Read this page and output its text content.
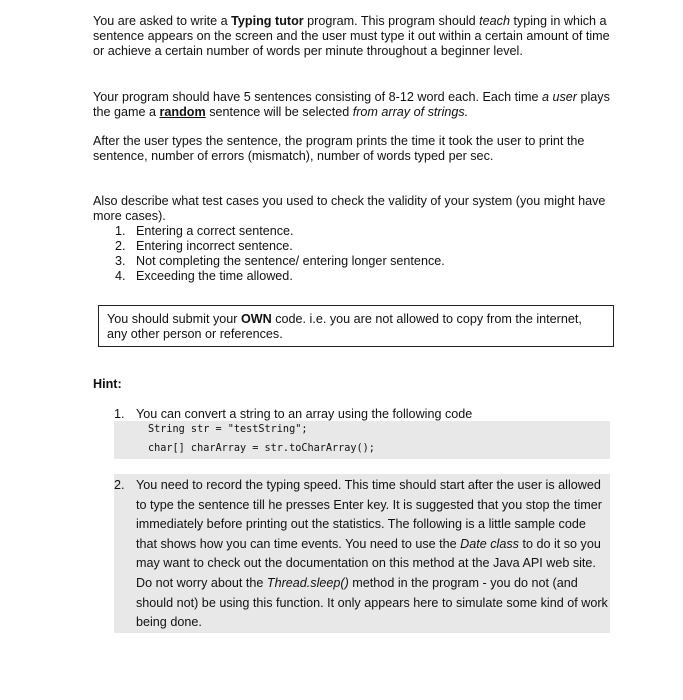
You are asked to write a Typing tutor program. This program should teach typing in which a sentence appears on the screen and the user must type it out within a certain amount of time or achieve a certain number of words per minute throughout a beginner level.

Your program should have 5 sentences consisting of 8-12 word each. Each time a user plays the game a random sentence will be selected from array of strings.

After the user types the sentence, the program prints the time it took the user to print the sentence, number of errors (mismatch), number of words typed per sec.

Also describe what test cases you used to check the validity of your system (you might have more cases).

1. Entering a correct sentence.
2. Entering incorrect sentence.
3. Not completing the sentence/ entering longer sentence.
4. Exceeding the time allowed.
You should submit your OWN code. i.e. you are not allowed to copy from the internet, any other person or references.
Hint:
1. You can convert a string to an array using the following code
String str = "testString";
char[] charArray = str.toCharArray();
2. You need to record the typing speed. This time should start after the user is allowed to type the sentence till he presses Enter key. It is suggested that you stop the timer immediately before printing out the statistics. The following is a little sample code that shows how you can time events. You need to use the Date class to do it so you may want to check out the documentation on this method at the Java API web site. Do not worry about the Thread.sleep() method in the program - you do not (and should not) be using this function. It only appears here to simulate some kind of work being done.
